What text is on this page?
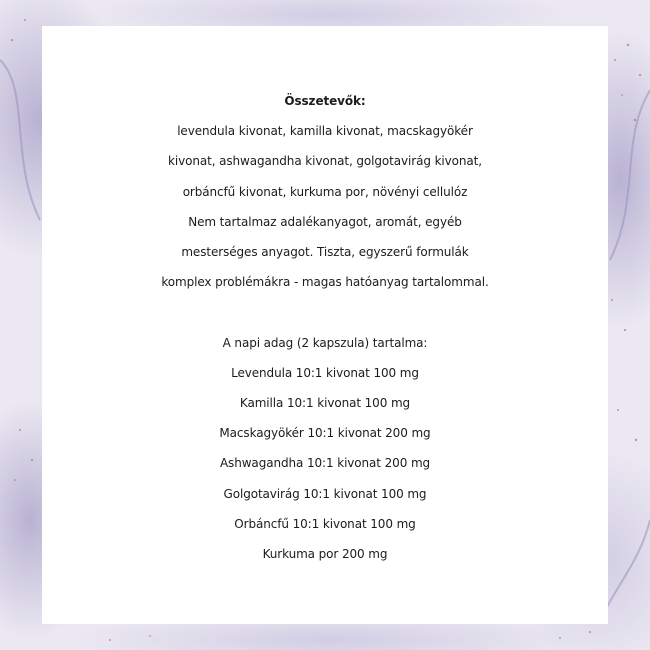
Összetevők:
levendula kivonat, kamilla kivonat, macskagyökér
kivonat, ashwagandha kivonat, golgotavirág kivonat,
orbáncfű kivonat, kurkuma por, növényi cellulóz
Nem tartalmaz adalékanyagot, aromát, egyéb
mesterséges anyagot. Tiszta, egyszerű formulák
komplex problémákra - magas hatóanyag tartalommal.
A napi adag (2 kapszula) tartalma:
Levendula 10:1 kivonat 100 mg
Kamilla 10:1 kivonat 100 mg
Macskagyökér 10:1 kivonat 200 mg
Ashwagandha 10:1 kivonat 200 mg
Golgotavirág 10:1 kivonat 100 mg
Orbáncfű 10:1 kivonat 100 mg
Kurkuma por 200 mg
